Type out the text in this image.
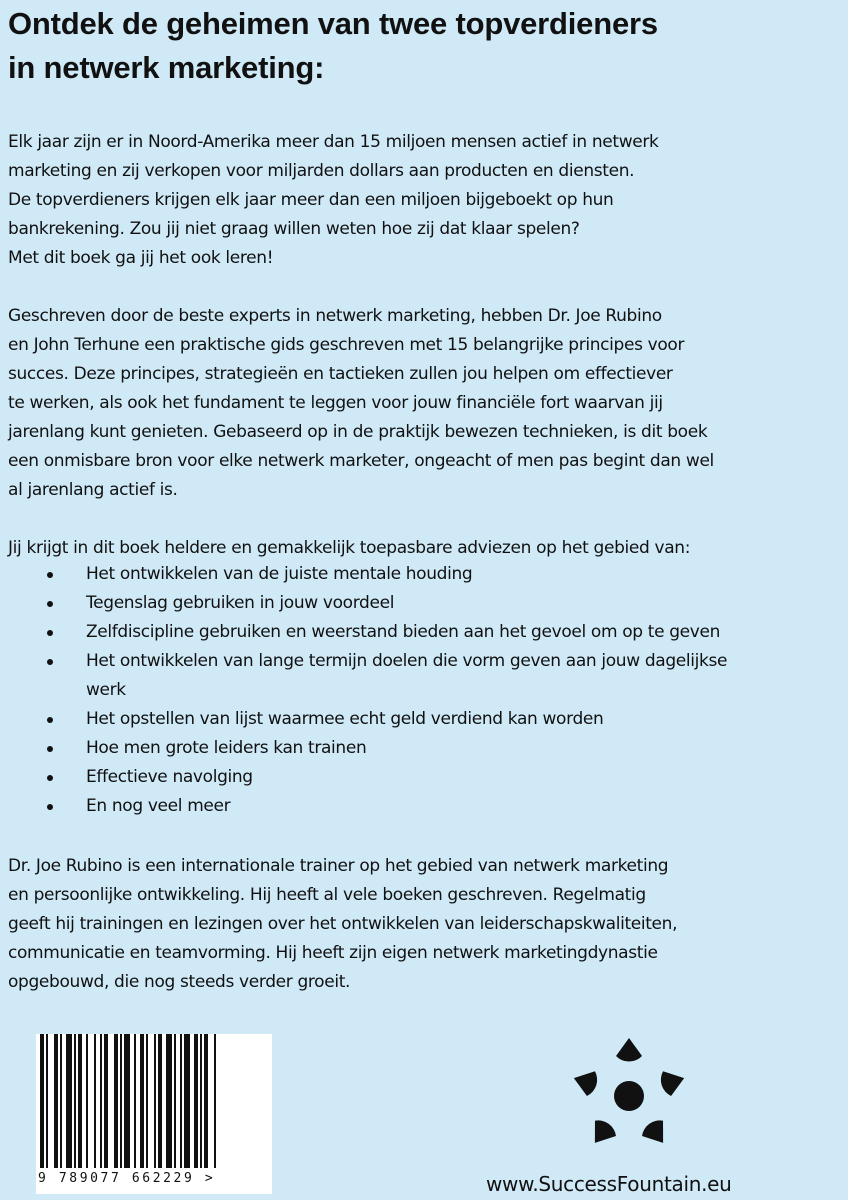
Ontdek de geheimen van twee topverdieners
in netwerk marketing:
Elk jaar zijn er in Noord-Amerika meer dan 15 miljoen mensen actief in netwerk
marketing en zij verkopen voor miljarden dollars aan producten en diensten.
De topverdieners krijgen elk jaar meer dan een miljoen bijgeboekt op hun
bankrekening. Zou jij niet graag willen weten hoe zij dat klaar spelen?
Met dit boek ga jij het ook leren!
Geschreven door de beste experts in netwerk marketing, hebben Dr. Joe Rubino
en John Terhune een praktische gids geschreven met 15 belangrijke principes voor
succes. Deze principes, strategieën en tactieken zullen jou helpen om effectiever
te werken, als ook het fundament te leggen voor jouw financiële fort waarvan jij
jarenlang kunt genieten. Gebaseerd op in de praktijk bewezen technieken, is dit boek
een onmisbare bron voor elke netwerk marketer, ongeacht of men pas begint dan wel
al jarenlang actief is.
Jij krijgt in dit boek heldere en gemakkelijk toepasbare adviezen op het gebied van:
Het ontwikkelen van de juiste mentale houding
Tegenslag gebruiken in jouw voordeel
Zelfdiscipline gebruiken en weerstand bieden aan het gevoel om op te geven
Het ontwikkelen van lange termijn doelen die vorm geven aan jouw dagelijkse
werk
Het opstellen van lijst waarmee echt geld verdiend kan worden
Hoe men grote leiders kan trainen
Effectieve navolging
En nog veel meer
Dr. Joe Rubino is een internationale trainer op het gebied van netwerk marketing
en persoonlijke ontwikkeling. Hij heeft al vele boeken geschreven. Regelmatig
geeft hij trainingen en lezingen over het ontwikkelen van leiderschapskwaliteiten,
communicatie en teamvorming. Hij heeft zijn eigen netwerk marketingdynastie
opgebouwd, die nog steeds verder groeit.
9 789077 662229 >	www.SuccessFountain.eu
